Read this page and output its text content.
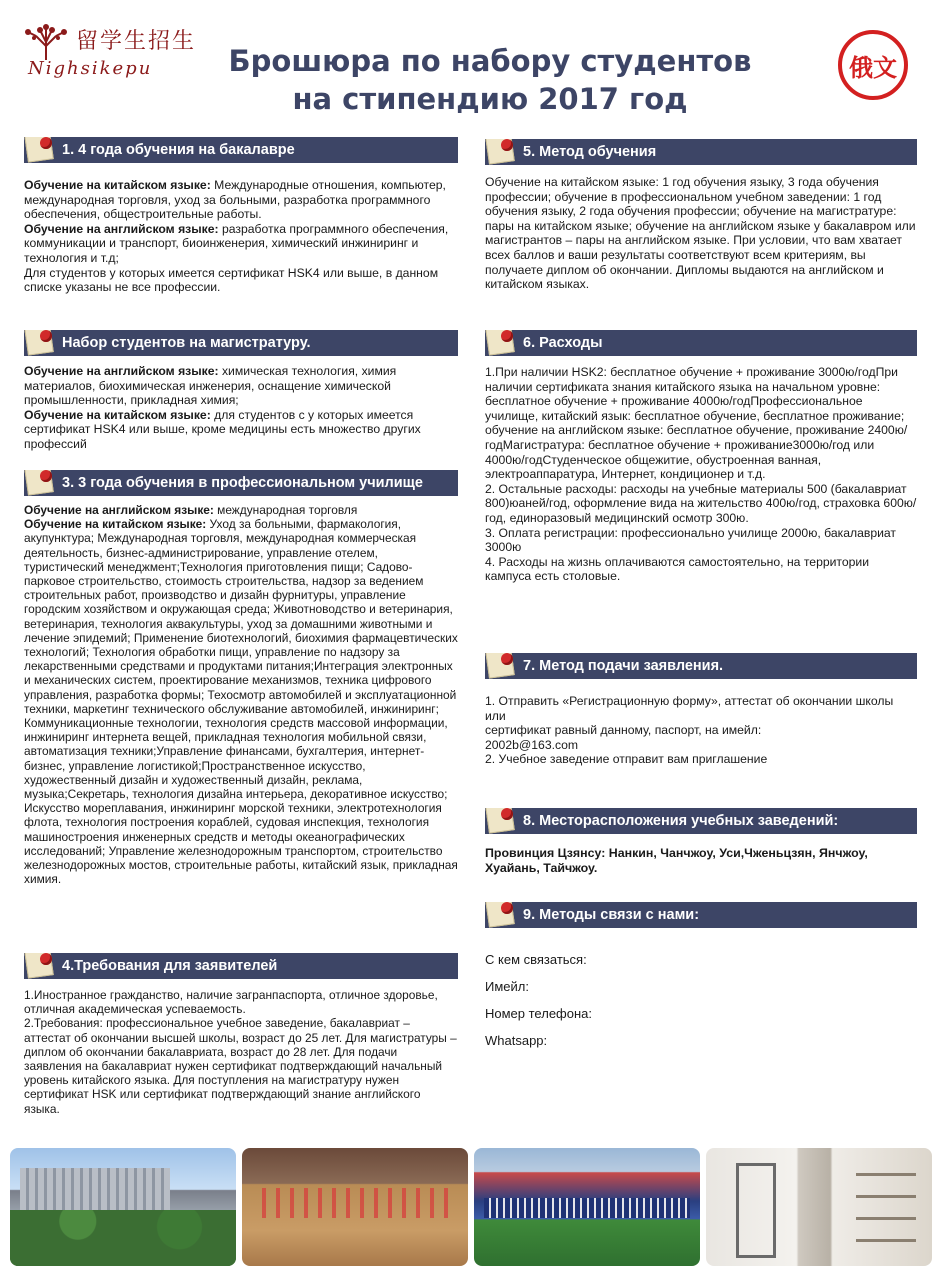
留学生招生
Nighsikepu	Брошюра по набору студентов
на стипендию 2017 год
俄文
1. 4 года обучения на бакалавре

Обучение на китайском языке: Международные отношения, компьютер, международная торговля, уход за больными, разработка программного обеспечения, общестроительные работы.

Обучение на английском языке: разработка программного обеспечения, коммуникации и транспорт, биоинженерия, химический инжиниринг и технология и т.д;

Для студентов у которых имеется сертификат HSK4 или выше, в данном списке указаны не все профессии.

Набор студентов на магистратуру.

Обучение на английском языке: химическая технология, химия материалов, биохимическая инженерия, оснащение химической промышленности, прикладная химия;

Обучение на китайском языке: для студентов с у которых имеется сертификат HSK4 или выше, кроме медицины есть множество других профессий

3. 3 года обучения в профессиональном училище

Обучение на английском языке: международная торговля

Обучение на китайском языке: Уход за больными, фармакология, акупунктура; Международная торговля, международная коммерческая деятельность, бизнес-администрирование, управление отелем, туристический менеджмент;Технология приготовления пищи; Садово-парковое строительство, стоимость строительства, надзор за ведением строительных работ, производство и дизайн фурнитуры, управление городским хозяйством и окружающая среда; Животноводство и ветеринария, ветеринария, технология аквакультуры, уход за домашними животными и лечение эпидемий; Применение биотехнологий, биохимия фармацевтических технологий; Технология обработки пищи, управление по надзору за лекарственными средствами и продуктами питания;Интеграция электронных и механических систем, проектирование механизмов, техника цифрового управления, разработка формы; Техосмотр автомобилей и эксплуатационной техники, маркетинг технического обслуживание автомобилей, инжиниринг; Коммуникационные технологии, технология средств массовой информации, инжиниринг интернета вещей, прикладная технология мобильной связи, автоматизация техники;Управление финансами, бухгалтерия, интернет-бизнес, управление логистикой;Пространственное искусство, художественный дизайн и художественный дизайн, реклама, музыка;Секретарь, технология дизайна интерьера, декоративное искусство; Искусство мореплавания, инжиниринг морской техники, электротехнология флота, технология построения кораблей, судовая инспекция, технология машиностроения инженерных средств и методы океанографических исследований; Управление железнодорожным транспортом, строительство железнодорожных мостов, строительные работы, китайский язык, прикладная химия.

4.Требования для заявителей

1.Иностранное гражданство, наличие загранпаспорта, отличное здоровье, отличная академическая успеваемость.

2.Требования: профессиональное учебное заведение, бакалавриат – аттестат об окончании высшей школы, возраст до 25 лет. Для магистратуры – диплом об окончании бакалавриата, возраст до 28 лет. Для подачи заявления на бакалавриат нужен сертификат подтверждающий начальный уровень китайского языка. Для поступления на магистратуру нужен сертификат HSK или сертификат подтверждающий знание английского языка.

5. Метод обучения

Обучение на китайском языке: 1 год обучения языку, 3 года обучения профессии; обучение в профессиональном учебном заведении: 1 год обучения языку, 2 года обучения профессии; обучение на магистратуре: пары на китайском языке; обучение на английском языке у бакалавром или магистрантов – пары на английском языке. При условии, что вам хватает всех баллов и ваши результаты соответствуют всем критериям, вы получаете диплом об окончании. Дипломы выдаются на английском и китайском языках.

6. Расходы

1.При наличии HSK2: бесплатное обучение + проживание 3000ю/годПри наличии сертификата знания китайского языка на начальном уровне: бесплатное обучение + проживание 4000ю/годПрофессиональное училище, китайский язык: бесплатное обучение, бесплатное проживание; обучение на английском языке: бесплатное обучение, проживание 2400ю/годМагистратура: бесплатное обучение + проживание3000ю/год или 4000ю/годСтуденческое общежитие, обустроенная ванная, электроаппаратура, Интернет, кондиционер и т.д.

2. Остальные расходы: расходы на учебные материалы 500 (бакалавриат 800)юаней/год, оформление вида на жительство 400ю/год, страховка 600ю/год, единоразовый медицинский осмотр 300ю.

3. Оплата регистрации: профессионально училище 2000ю, бакалавриат 3000ю

4. Расходы на жизнь оплачиваются самостоятельно, на территории кампуса есть столовые.

7. Метод подачи заявления.

1. Отправить «Регистрационную форму», аттестат об окончании школы или

сертификат равный данному, паспорт, на имейл:

2002b@163.com

2. Учебное заведение отправит вам приглашение

8. Месторасположения учебных заведений:

Провинция Цзянсу: Нанкин, Чанчжоу, Уси,Чженьцзян, Янчжоу, Хуайань, Тайчжоу.

9. Методы связи с нами:

С кем связаться:

Имейл:

Номер телефона:

Whatsapp:
